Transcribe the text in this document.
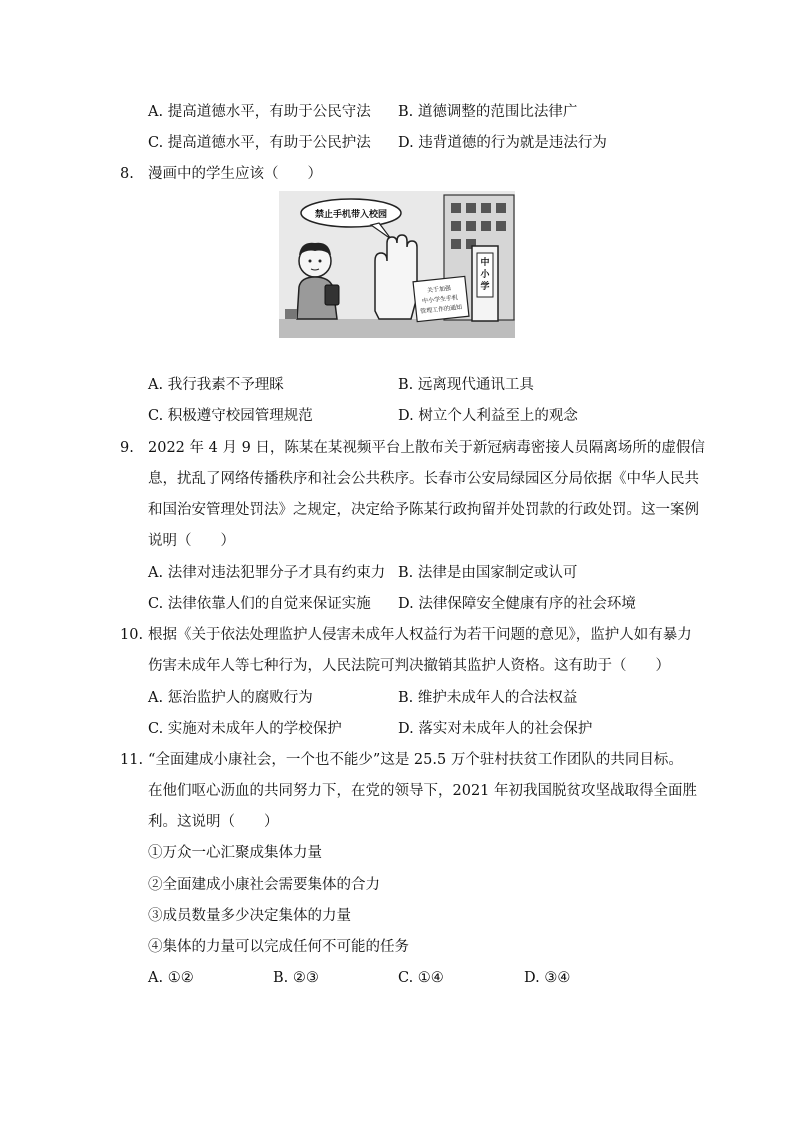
A. 提高道德水平，有助于公民守法 B. 道德调整的范围比法律广
C. 提高道德水平，有助于公民护法 D. 违背道德的行为就是违法行为
8. 漫画中的学生应该（　　）
中
小
学
禁止手机带入校园
关于加强
中小学生手机
管理工作的通知
A. 我行我素不予理睬	B. 远离现代通讯工具
C. 积极遵守校园管理规范	D. 树立个人利益至上的观念
9. 2022 年 4 月 9 日，陈某在某视频平台上散布关于新冠病毒密接人员隔离场所的虚假信
息，扰乱了网络传播秩序和社会公共秩序。长春市公安局绿园区分局依据《中华人民共
和国治安管理处罚法》之规定，决定给予陈某行政拘留并处罚款的行政处罚。这一案例
说明（　　）
A. 法律对违法犯罪分子才具有约束力 B. 法律是由国家制定或认可
C. 法律依靠人们的自觉来保证实施 D. 法律保障安全健康有序的社会环境
10. 根据《关于依法处理监护人侵害未成年人权益行为若干问题的意见》，监护人如有暴力
伤害未成年人等七种行为，人民法院可判决撤销其监护人资格。这有助于（　　）
A. 惩治监护人的腐败行为	B. 维护未成年人的合法权益
C. 实施对未成年人的学校保护	D. 落实对未成年人的社会保护
11. “全面建成小康社会，一个也不能少”这是 25.5 万个驻村扶贫工作团队的共同目标。
在他们呕心沥血的共同努力下，在党的领导下，2021 年初我国脱贫攻坚战取得全面胜
利。这说明（　　）
①万众一心汇聚成集体力量
②全面建成小康社会需要集体的合力
③成员数量多少决定集体的力量
④集体的力量可以完成任何不可能的任务
A. ①②	B. ②③	C. ①④	D. ③④
